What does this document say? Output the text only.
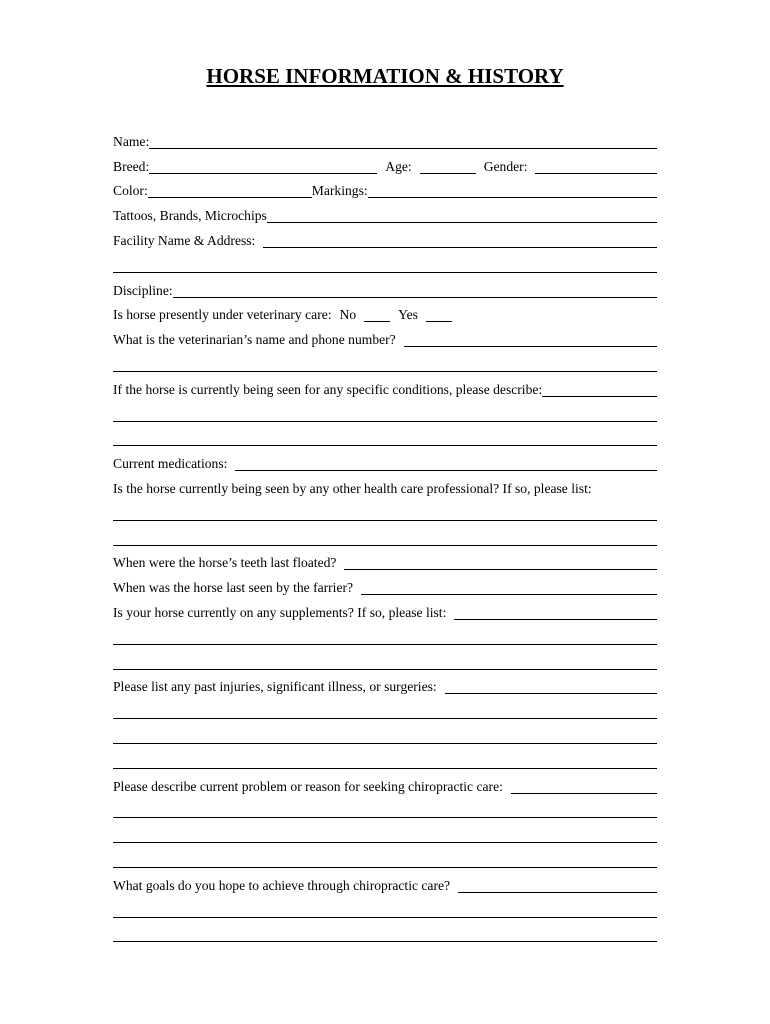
HORSE INFORMATION & HISTORY
Name:
Breed:	Age:	Gender:
Color:	Markings:
Tattoos, Brands, Microchips
Facility Name & Address:
Discipline:
Is horse presently under veterinary care: No	Yes
What is the veterinarian’s name and phone number?
If the horse is currently being seen for any specific conditions, please describe:
Current medications:
Is the horse currently being seen by any other health care professional? If so, please list:
When were the horse’s teeth last floated?
When was the horse last seen by the farrier?
Is your horse currently on any supplements? If so, please list:
Please list any past injuries, significant illness, or surgeries:
Please describe current problem or reason for seeking chiropractic care:
What goals do you hope to achieve through chiropractic care?
